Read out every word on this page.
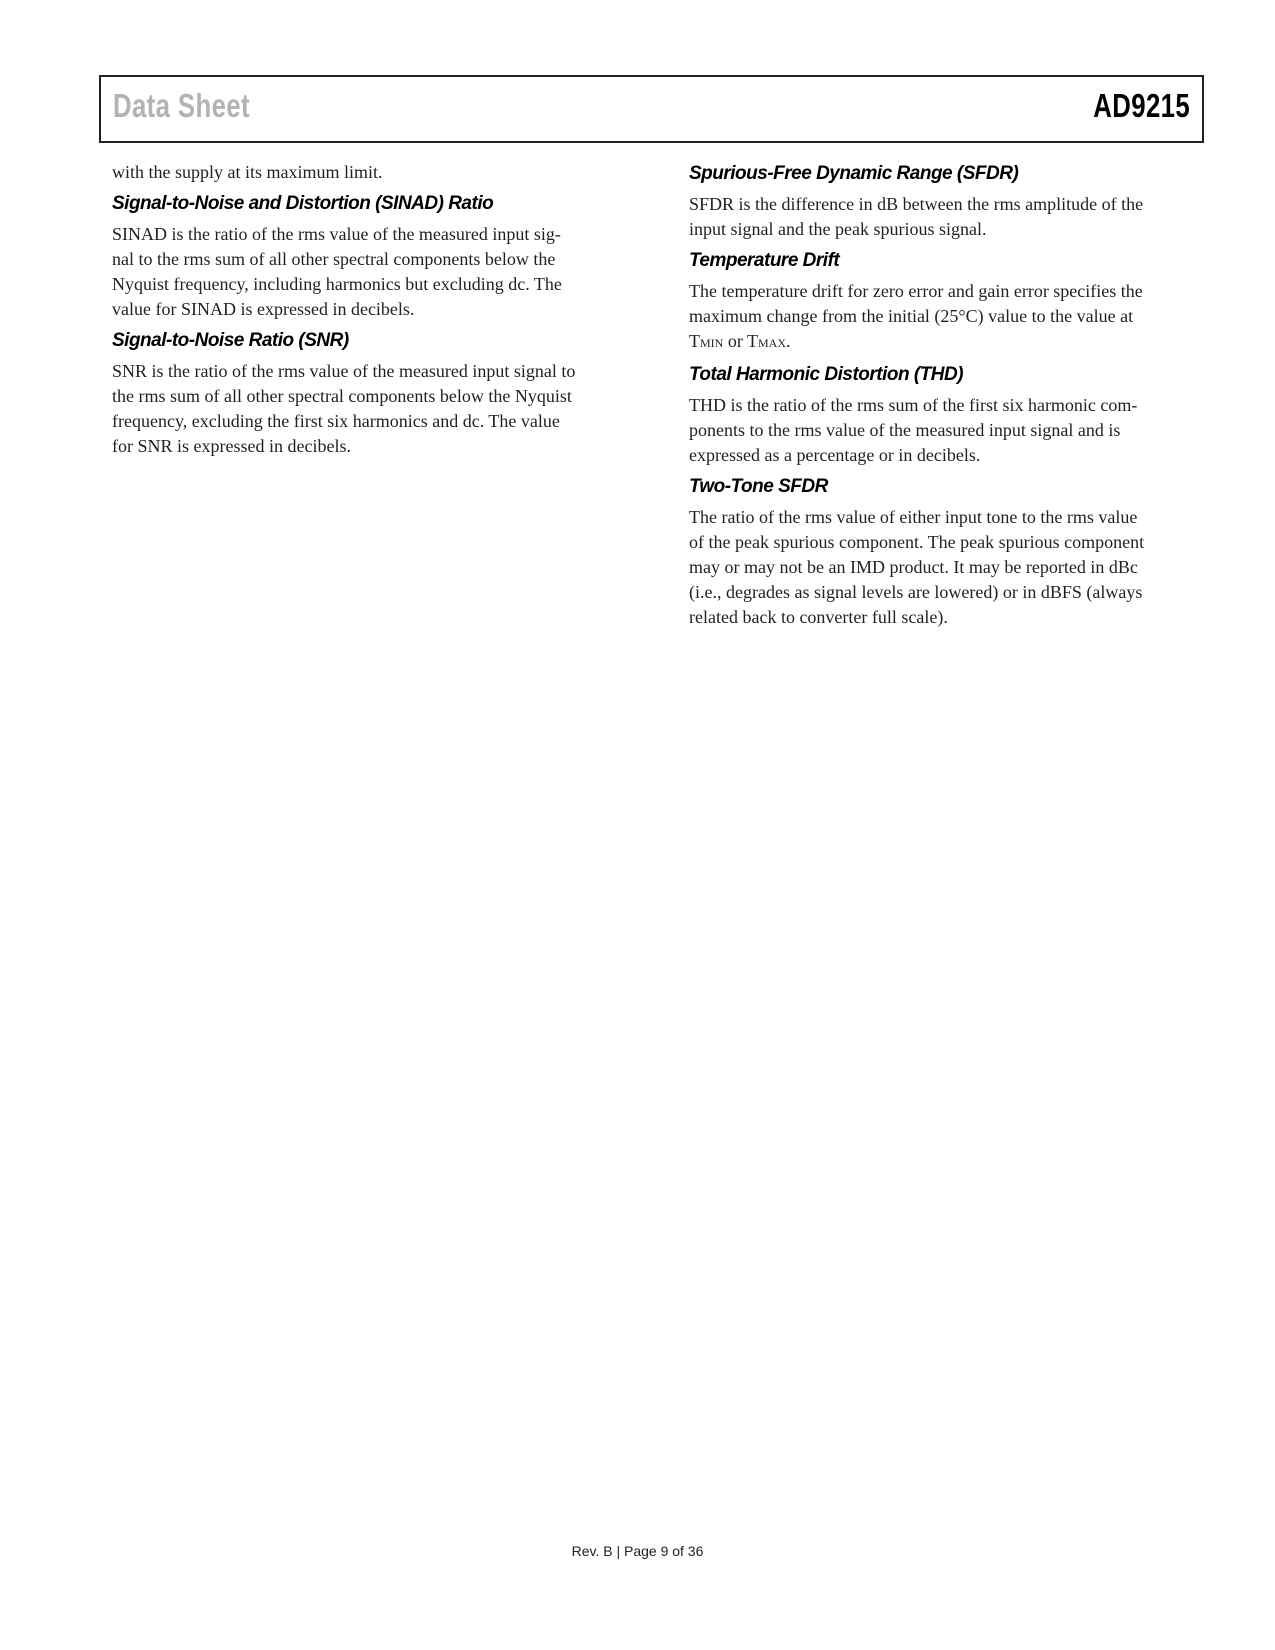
Data Sheet	AD9215

with the supply at its maximum limit.

Signal-to-Noise and Distortion (SINAD) Ratio

SINAD is the ratio of the rms value of the measured input sig-
nal to the rms sum of all other spectral components below the
Nyquist frequency, including harmonics but excluding dc. The
value for SINAD is expressed in decibels.

Signal-to-Noise Ratio (SNR)

SNR is the ratio of the rms value of the measured input signal to
the rms sum of all other spectral components below the Nyquist
frequency, excluding the first six harmonics and dc. The value
for SNR is expressed in decibels.

Spurious-Free Dynamic Range (SFDR)

SFDR is the difference in dB between the rms amplitude of the
input signal and the peak spurious signal.

Temperature Drift

The temperature drift for zero error and gain error specifies the
maximum change from the initial (25°C) value to the value at
TMIN or TMAX.

Total Harmonic Distortion (THD)

THD is the ratio of the rms sum of the first six harmonic com-
ponents to the rms value of the measured input signal and is
expressed as a percentage or in decibels.

Two-Tone SFDR

The ratio of the rms value of either input tone to the rms value
of the peak spurious component. The peak spurious component
may or may not be an IMD product. It may be reported in dBc
(i.e., degrades as signal levels are lowered) or in dBFS (always
related back to converter full scale).

Rev. B | Page 9 of 36
